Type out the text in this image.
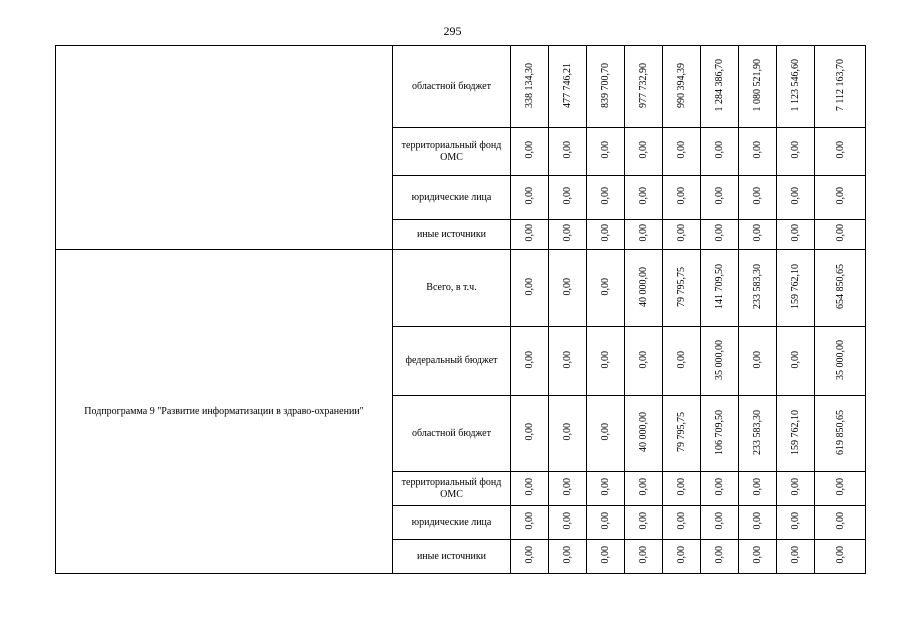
295
	областной бюджет	338 134,30	477 746,21	839 700,70	977 732,90	990 394,39	1 284 386,70	1 080 521,90	1 123 546,60	7 112 163,70
	территориальный фонд ОМС	0,00	0,00	0,00	0,00	0,00	0,00	0,00	0,00	0,00
	юридические лица	0,00	0,00	0,00	0,00	0,00	0,00	0,00	0,00	0,00
	иные источники	0,00	0,00	0,00	0,00	0,00	0,00	0,00	0,00	0,00
Подпрограмма 9 "Развитие информатизации в здраво-охранении"	Всего, в т.ч.	0,00	0,00	0,00	40 000,00	79 795,75	141 709,50	233 583,30	159 762,10	654 850,65
	федеральный бюджет	0,00	0,00	0,00	0,00	0,00	35 000,00	0,00	0,00	35 000,00
	областной бюджет	0,00	0,00	0,00	40 000,00	79 795,75	106 709,50	233 583,30	159 762,10	619 850,65
	территориальный фонд ОМС	0,00	0,00	0,00	0,00	0,00	0,00	0,00	0,00	0,00
	юридические лица	0,00	0,00	0,00	0,00	0,00	0,00	0,00	0,00	0,00
	иные источники	0,00	0,00	0,00	0,00	0,00	0,00	0,00	0,00	0,00
